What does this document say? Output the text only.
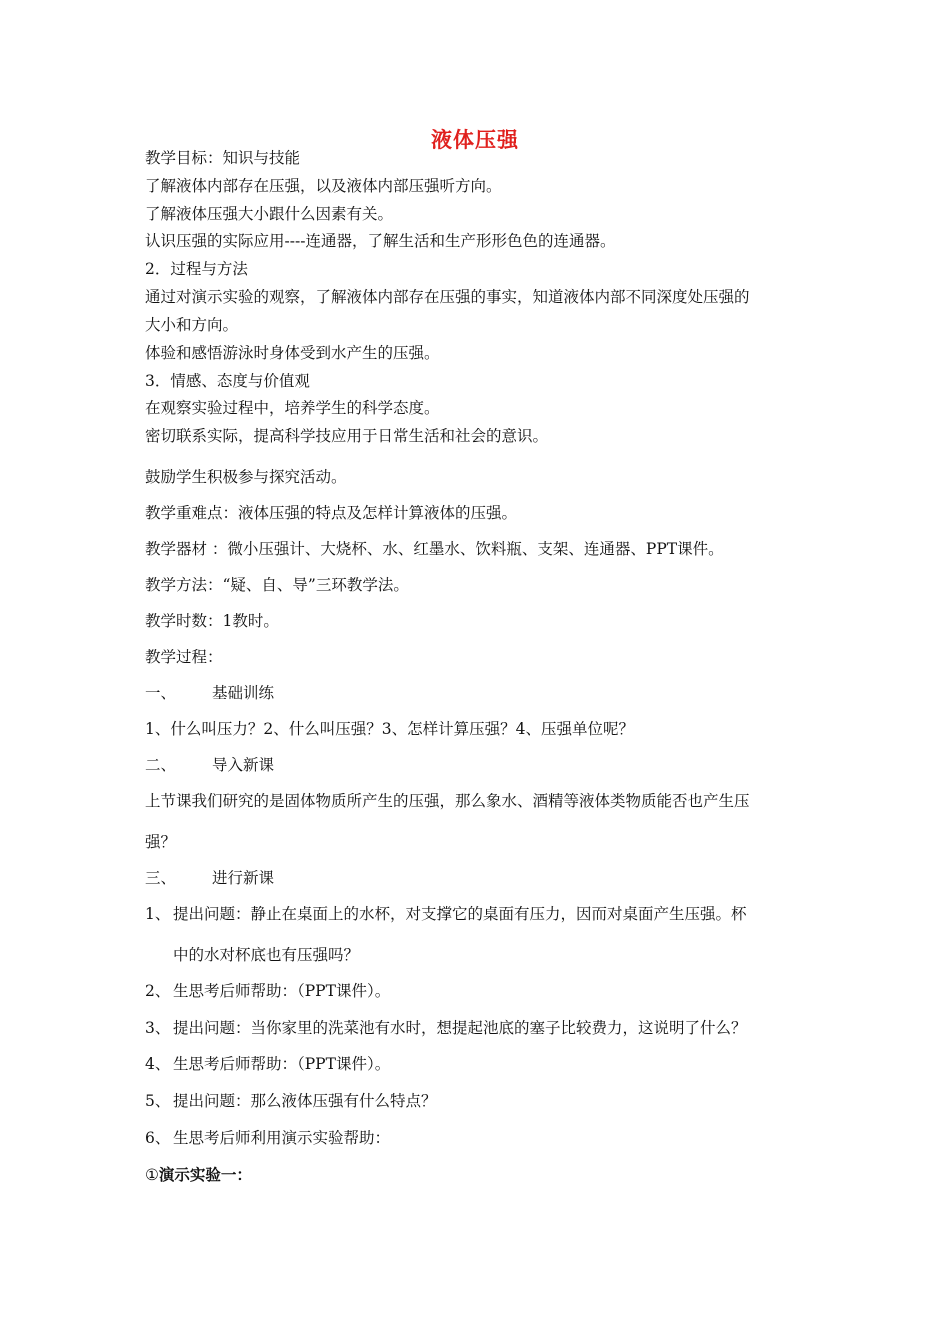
液体压强
教学目标：知识与技能
了解液体内部存在压强，以及液体内部压强听方向。
了解液体压强大小跟什么因素有关。
认识压强的实际应用----连通器，了解生活和生产形形色色的连通器。
2．过程与方法
通过对演示实验的观察，了解液体内部存在压强的事实，知道液体内部不同深度处压强的
大小和方向。
体验和感悟游泳时身体受到水产生的压强。
3．情感、态度与价值观
在观察实验过程中，培养学生的科学态度。
密切联系实际，提高科学技应用于日常生活和社会的意识。
鼓励学生积极参与探究活动。
教学重难点：液体压强的特点及怎样计算液体的压强。
教学器材 ：微小压强计、大烧杯、水、红墨水、饮料瓶、支架、连通器、PPT课件。
教学方法：“疑、自、导”三环教学法。
教学时数：1教时。
教学过程：
一、 基础训练
1、什么叫压力？2、什么叫压强？3、怎样计算压强？4、压强单位呢？
二、 导入新课
上节课我们研究的是固体物质所产生的压强，那么象水、酒精等液体类物质能否也产生压
强？
三、 进行新课
1、 提出问题：静止在桌面上的水杯，对支撑它的桌面有压力，因而对桌面产生压强。杯
中的水对杯底也有压强吗？
2、 生思考后师帮助：（PPT课件）。
3、 提出问题：当你家里的洗菜池有水时，想提起池底的塞子比较费力，这说明了什么？
4、 生思考后师帮助：（PPT课件）。
5、 提出问题：那么液体压强有什么特点？
6、 生思考后师利用演示实验帮助：
①演示实验一：
